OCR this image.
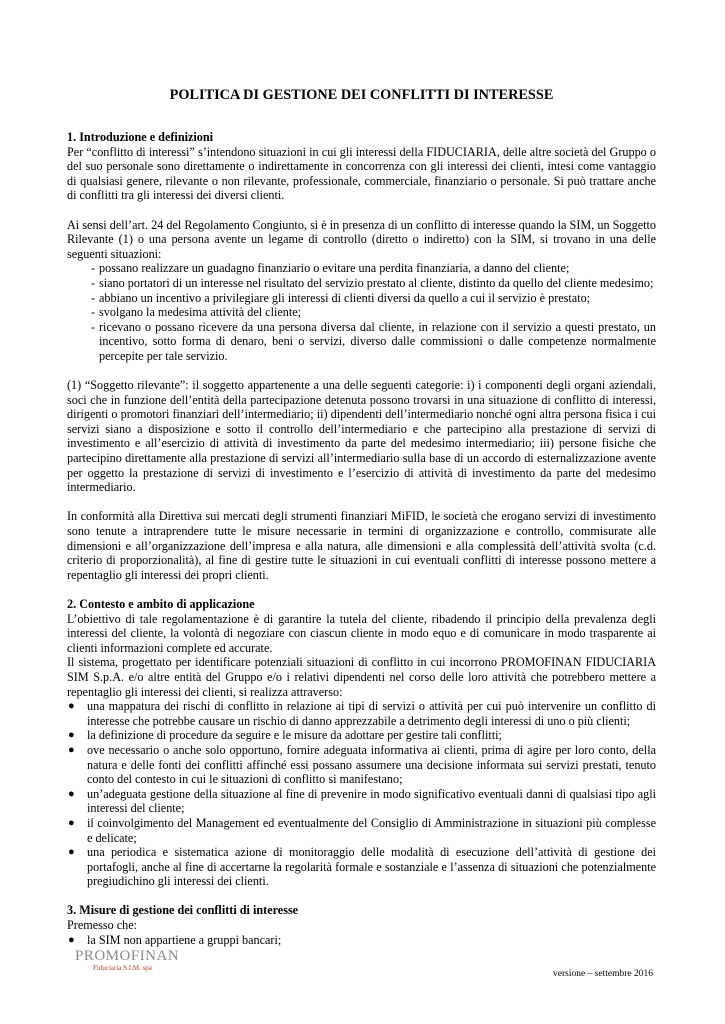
POLITICA DI GESTIONE DEI CONFLITTI DI INTERESSE

1. Introduzione e definizioni

Per “conflitto di interessi” s’intendono situazioni in cui gli interessi della FIDUCIARIA, delle altre società del Gruppo o del suo personale sono direttamente o indirettamente in concorrenza con gli interessi dei clienti, intesi come vantaggio di qualsiasi genere, rilevante o non rilevante, professionale, commerciale, finanziario o personale. Si può trattare anche di conflitti tra gli interessi dei diversi clienti.

Ai sensi dell’art. 24 del Regolamento Congiunto, si è in presenza di un conflitto di interesse quando la SIM, un Soggetto Rilevante (1) o una persona avente un legame di controllo (diretto o indiretto) con la SIM, si trovano in una delle seguenti situazioni:

- possano realizzare un guadagno finanziario o evitare una perdita finanziaria, a danno del cliente;
- siano portatori di un interesse nel risultato del servizio prestato al cliente, distinto da quello del cliente medesimo;
- abbiano un incentivo a privilegiare gli interessi di clienti diversi da quello a cui il servizio è prestato;
- svolgano la medesima attività del cliente;
- ricevano o possano ricevere da una persona diversa dal cliente, in relazione con il servizio a questi prestato, un incentivo, sotto forma di denaro, beni o servizi, diverso dalle commissioni o dalle competenze normalmente percepite per tale servizio.

(1) “Soggetto rilevante”: il soggetto appartenente a una delle seguenti categorie: i) i componenti degli organi aziendali, soci che in funzione dell’entità della partecipazione detenuta possono trovarsi in una situazione di conflitto di interessi, dirigenti o promotori finanziari dell’intermediario; ii) dipendenti dell’intermediario nonché ogni altra persona fisica i cui servizi siano a disposizione e sotto il controllo dell’intermediario e che partecipino alla prestazione di servizi di investimento e all’esercizio di attività di investimento da parte del medesimo intermediario; iii) persone fisiche che partecipino direttamente alla prestazione di servizi all’intermediario sulla base di un accordo di esternalizzazione avente per oggetto la prestazione di servizi di investimento e l’esercizio di attività di investimento da parte del medesimo intermediario.

In conformità alla Direttiva sui mercati degli strumenti finanziari MiFID, le società che erogano servizi di investimento sono tenute a intraprendere tutte le misure necessarie in termini di organizzazione e controllo, commisurate alle dimensioni e all’organizzazione dell’impresa e alla natura, alle dimensioni e alla complessità dell’attività svolta (c.d. criterio di proporzionalità), al fine di gestire tutte le situazioni in cui eventuali conflitti di interesse possono mettere a repentaglio gli interessi dei propri clienti.

2. Contesto e ambito di applicazione

L’obiettivo di tale regolamentazione è di garantire la tutela del cliente, ribadendo il principio della prevalenza degli interessi del cliente, la volontà di negoziare con ciascun cliente in modo equo e di comunicare in modo trasparente ai clienti informazioni complete ed accurate.

Il sistema, progettato per identificare potenziali situazioni di conflitto in cui incorrono PROMOFINAN FIDUCIARIA SIM S.p.A. e/o altre entità del Gruppo e/o i relativi dipendenti nel corso delle loro attività che potrebbero mettere a repentaglio gli interessi dei clienti, si realizza attraverso:

● una mappatura dei rischi di conflitto in relazione ai tipi di servizi o attività per cui può intervenire un conflitto di interesse che potrebbe causare un rischio di danno apprezzabile a detrimento degli interessi di uno o più clienti;
● la definizione di procedure da seguire e le misure da adottare per gestire tali conflitti;
● ove necessario o anche solo opportuno, fornire adeguata informativa ai clienti, prima di agire per loro conto, della natura e delle fonti dei conflitti affinché essi possano assumere una decisione informata sui servizi prestati, tenuto conto del contesto in cui le situazioni di conflitto si manifestano;
● un’adeguata gestione della situazione al fine di prevenire in modo significativo eventuali danni di qualsiasi tipo agli interessi del cliente;
● il coinvolgimento del Management ed eventualmente del Consiglio di Amministrazione in situazioni più complesse e delicate;
● una periodica e sistematica azione di monitoraggio delle modalità di esecuzione dell’attività di gestione dei portafogli, anche al fine di accertarne la regolarità formale e sostanziale e l’assenza di situazioni che potenzialmente pregiudichino gli interessi dei clienti.

3. Misure di gestione dei conflitti di interesse

Premesso che:

● la SIM non appartiene a gruppi bancari;
PROMOFINAN
Fiduciaria S.I.M. spa
versione – settembre 2016
